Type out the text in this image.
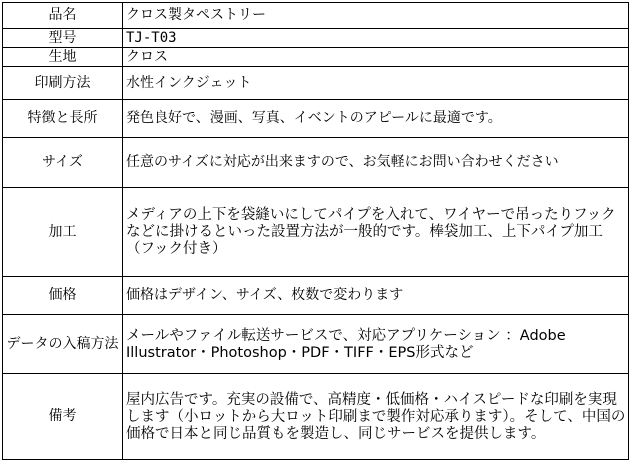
品名	クロス製タペストリー
型号	TJ-T03
生地	クロス
印刷方法	水性インクジェット
特徴と長所	発色良好で、漫画、写真、イベントのアピールに最適です。
サイズ	任意のサイズに対応が出来ますので、お気軽にお問い合わせください
加工	メディアの上下を袋縫いにしてパイプを入れて、ワイヤーで吊ったりフックなどに掛けるといった設置方法が一般的です。棒袋加工、上下パイプ加工（フック付き）
価格	価格はデザイン、サイズ、枚数で変わります
データの入稿方法	メールやファイル転送サービスで、対応アプリケーション ：Adobe Illustrator・Photoshop・PDF・TIFF・EPS形式など
備考	屋内広告です。充実の設備で、高精度・低価格・ハイスピードな印刷を実現します（小ロットから大ロット印刷まで製作対応承ります）。そして、中国の価格で日本と同じ品質もを製造し、同じサービスを提供します。
